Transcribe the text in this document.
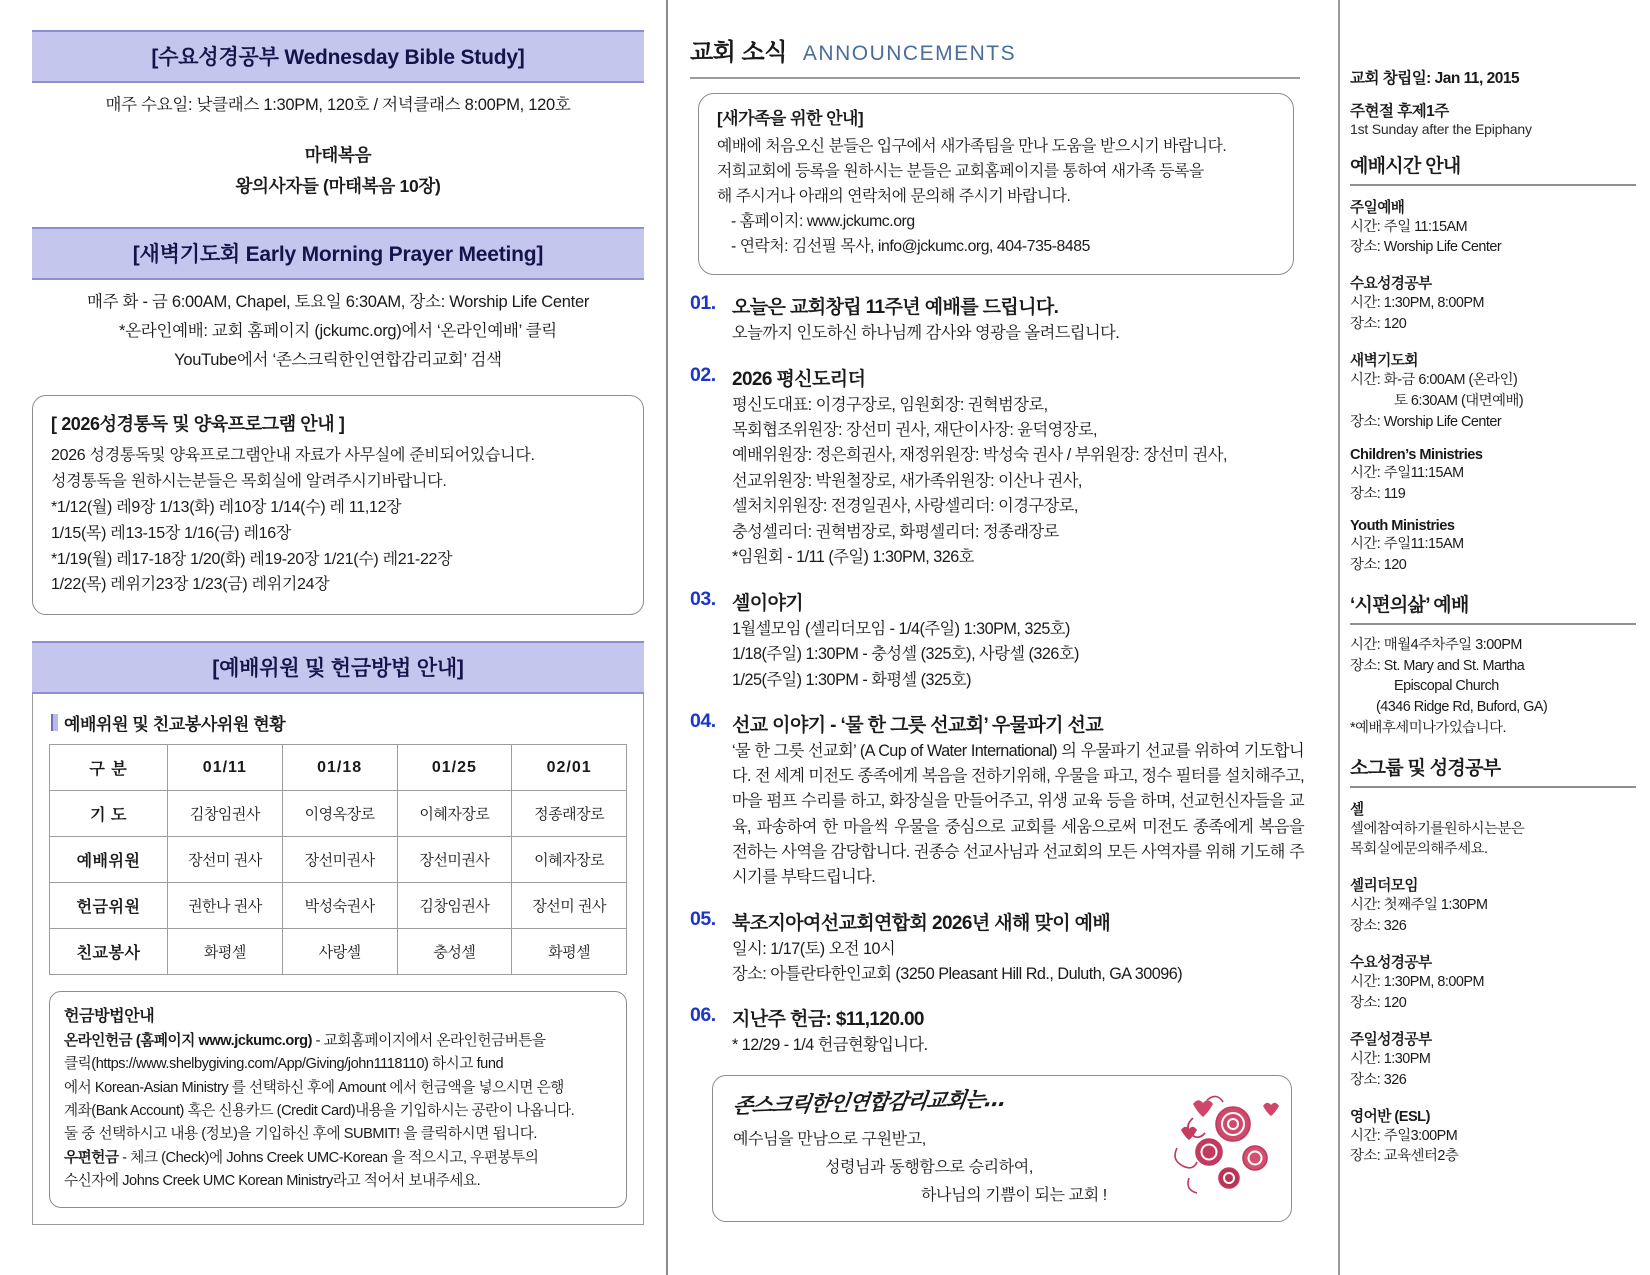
[수요성경공부 Wednesday Bible Study]
매주 수요일: 낮클래스 1:30PM, 120호 / 저녁클래스 8:00PM, 120호
마태복음
왕의사자들 (마태복음 10장)
[새벽기도회 Early Morning Prayer Meeting]
매주 화 - 금 6:00AM, Chapel, 토요일 6:30AM, 장소: Worship Life Center
*온라인예배: 교회 홈페이지 (jckumc.org)에서 ‘온라인예배’ 클릭
YouTube에서 ‘존스크릭한인연합감리교회’ 검색
[ 2026성경통독 및 양육프로그램 안내 ]
2026 성경통독및 양육프로그램안내 자료가 사무실에 준비되어있습니다.
성경통독을 원하시는분들은 목회실에 알려주시기바랍니다.
*1/12(월) 레9장 1/13(화) 레10장 1/14(수) 레 11,12장
1/15(목) 레13-15장 1/16(금) 레16장
*1/19(월) 레17-18장 1/20(화) 레19-20장 1/21(수) 레21-22장
1/22(목) 레위기23장 1/23(금) 레위기24장
[예배위원 및 헌금방법 안내]
예배위원 및 친교봉사위원 현황
구 분	01/11	01/18	01/25	02/01
기 도	김창임권사	이영옥장로	이혜자장로	정종래장로
예배위원	장선미 권사	장선미권사	장선미권사	이혜자장로
헌금위원	권한나 권사	박성숙권사	김창임권사	장선미 권사
친교봉사	화평셀	사랑셀	충성셀	화평셀
헌금방법안내
온라인헌금 (홈페이지 www.jckumc.org) - 교회홈페이지에서 온라인헌금버튼을
클릭(https://www.shelbygiving.com/App/Giving/john1118110) 하시고 fund
에서 Korean-Asian Ministry 를 선택하신 후에 Amount 에서 헌금액을 넣으시면 은행
계좌(Bank Account) 혹은 신용카드 (Credit Card)내용을 기입하시는 공란이 나옵니다.
둘 중 선택하시고 내용 (정보)을 기입하신 후에 SUBMIT! 을 클릭하시면 됩니다.
우편헌금 - 체크 (Check)에 Johns Creek UMC-Korean 을 적으시고, 우편봉투의
수신자에 Johns Creek UMC Korean Ministry라고 적어서 보내주세요.
교회 소식 ANNOUNCEMENTS
[새가족을 위한 안내]
예배에 처음오신 분들은 입구에서 새가족팀을 만나 도움을 받으시기 바랍니다.
저희교회에 등록을 원하시는 분들은 교회홈페이지를 통하여 새가족 등록을
해 주시거나 아래의 연락처에 문의해 주시기 바랍니다.
- 홈페이지: www.jckumc.org
- 연락처: 김선필 목사, info@jckumc.org, 404-735-8485
01. 오늘은 교회창립 11주년 예배를 드립니다.
오늘까지 인도하신 하나님께 감사와 영광을 올려드립니다.
02. 2026 평신도리더
평신도대표: 이경구장로, 임원회장: 권혁범장로,
목회협조위원장: 장선미 권사, 재단이사장: 윤덕영장로,
예배위원장: 정은희권사, 재정위원장: 박성숙 권사 / 부위원장: 장선미 권사,
선교위원장: 박원철장로, 새가족위원장: 이산나 권사,
셀처치위원장: 전경일권사, 사랑셀리더: 이경구장로,
충성셀리더: 권혁범장로, 화평셀리더: 정종래장로
*임원회 - 1/11 (주일) 1:30PM, 326호
03. 셀이야기
1월셀모임 (셀리더모임 - 1/4(주일) 1:30PM, 325호)
1/18(주일) 1:30PM - 충성셀 (325호), 사랑셀 (326호)
1/25(주일) 1:30PM - 화평셀 (325호)
04. 선교 이야기 - ‘물 한 그릇 선교회’ 우물파기 선교
‘물 한 그릇 선교회’ (A Cup of Water International) 의 우물파기 선교를 위하여 기도합니다. 전 세계 미전도 종족에게 복음을 전하기위해, 우물을 파고, 정수 필터를 설치해주고, 마을 펌프 수리를 하고, 화장실을 만들어주고, 위생 교육 등을 하며, 선교헌신자들을 교육, 파송하여 한 마을씩 우물을 중심으로 교회를 세움으로써 미전도 종족에게 복음을 전하는 사역을 감당합니다. 권종승 선교사님과 선교회의 모든 사역자를 위해 기도해 주시기를 부탁드립니다.
05. 북조지아여선교회연합회 2026년 새해 맞이 예배
일시: 1/17(토) 오전 10시
장소: 아틀란타한인교회 (3250 Pleasant Hill Rd., Duluth, GA 30096)
06. 지난주 헌금: $11,120.00
* 12/29 - 1/4 헌금현황입니다.
존스크릭한인연합감리교회는...
예수님을 만남으로 구원받고,
성령님과 동행함으로 승리하여,
하나님의 기쁨이 되는 교회 !
교회 창립일: Jan 11, 2015
주현절 후제1주
1st Sunday after the Epiphany
예배시간 안내
주일예배
시간: 주일 11:15AM
장소: Worship Life Center
수요성경공부
시간: 1:30PM, 8:00PM
장소: 120
새벽기도회
시간: 화-금 6:00AM (온라인)
토 6:30AM (대면예배)
장소: Worship Life Center
Children’s Ministries
시간: 주일11:15AM
장소: 119
Youth Ministries
시간: 주일11:15AM
장소: 120
‘시편의삶’ 예배
시간: 매월4주차주일 3:00PM
장소: St. Mary and St. Martha
Episcopal Church
(4346 Ridge Rd, Buford, GA)
*예배후세미나가있습니다.
소그룹 및 성경공부
셀
셀에참여하기를원하시는분은
목회실에문의해주세요.
셀리더모임
시간: 첫째주일 1:30PM
장소: 326
수요성경공부
시간: 1:30PM, 8:00PM
장소: 120
주일성경공부
시간: 1:30PM
장소: 326
영어반 (ESL)
시간: 주일3:00PM
장소: 교육센터2층
